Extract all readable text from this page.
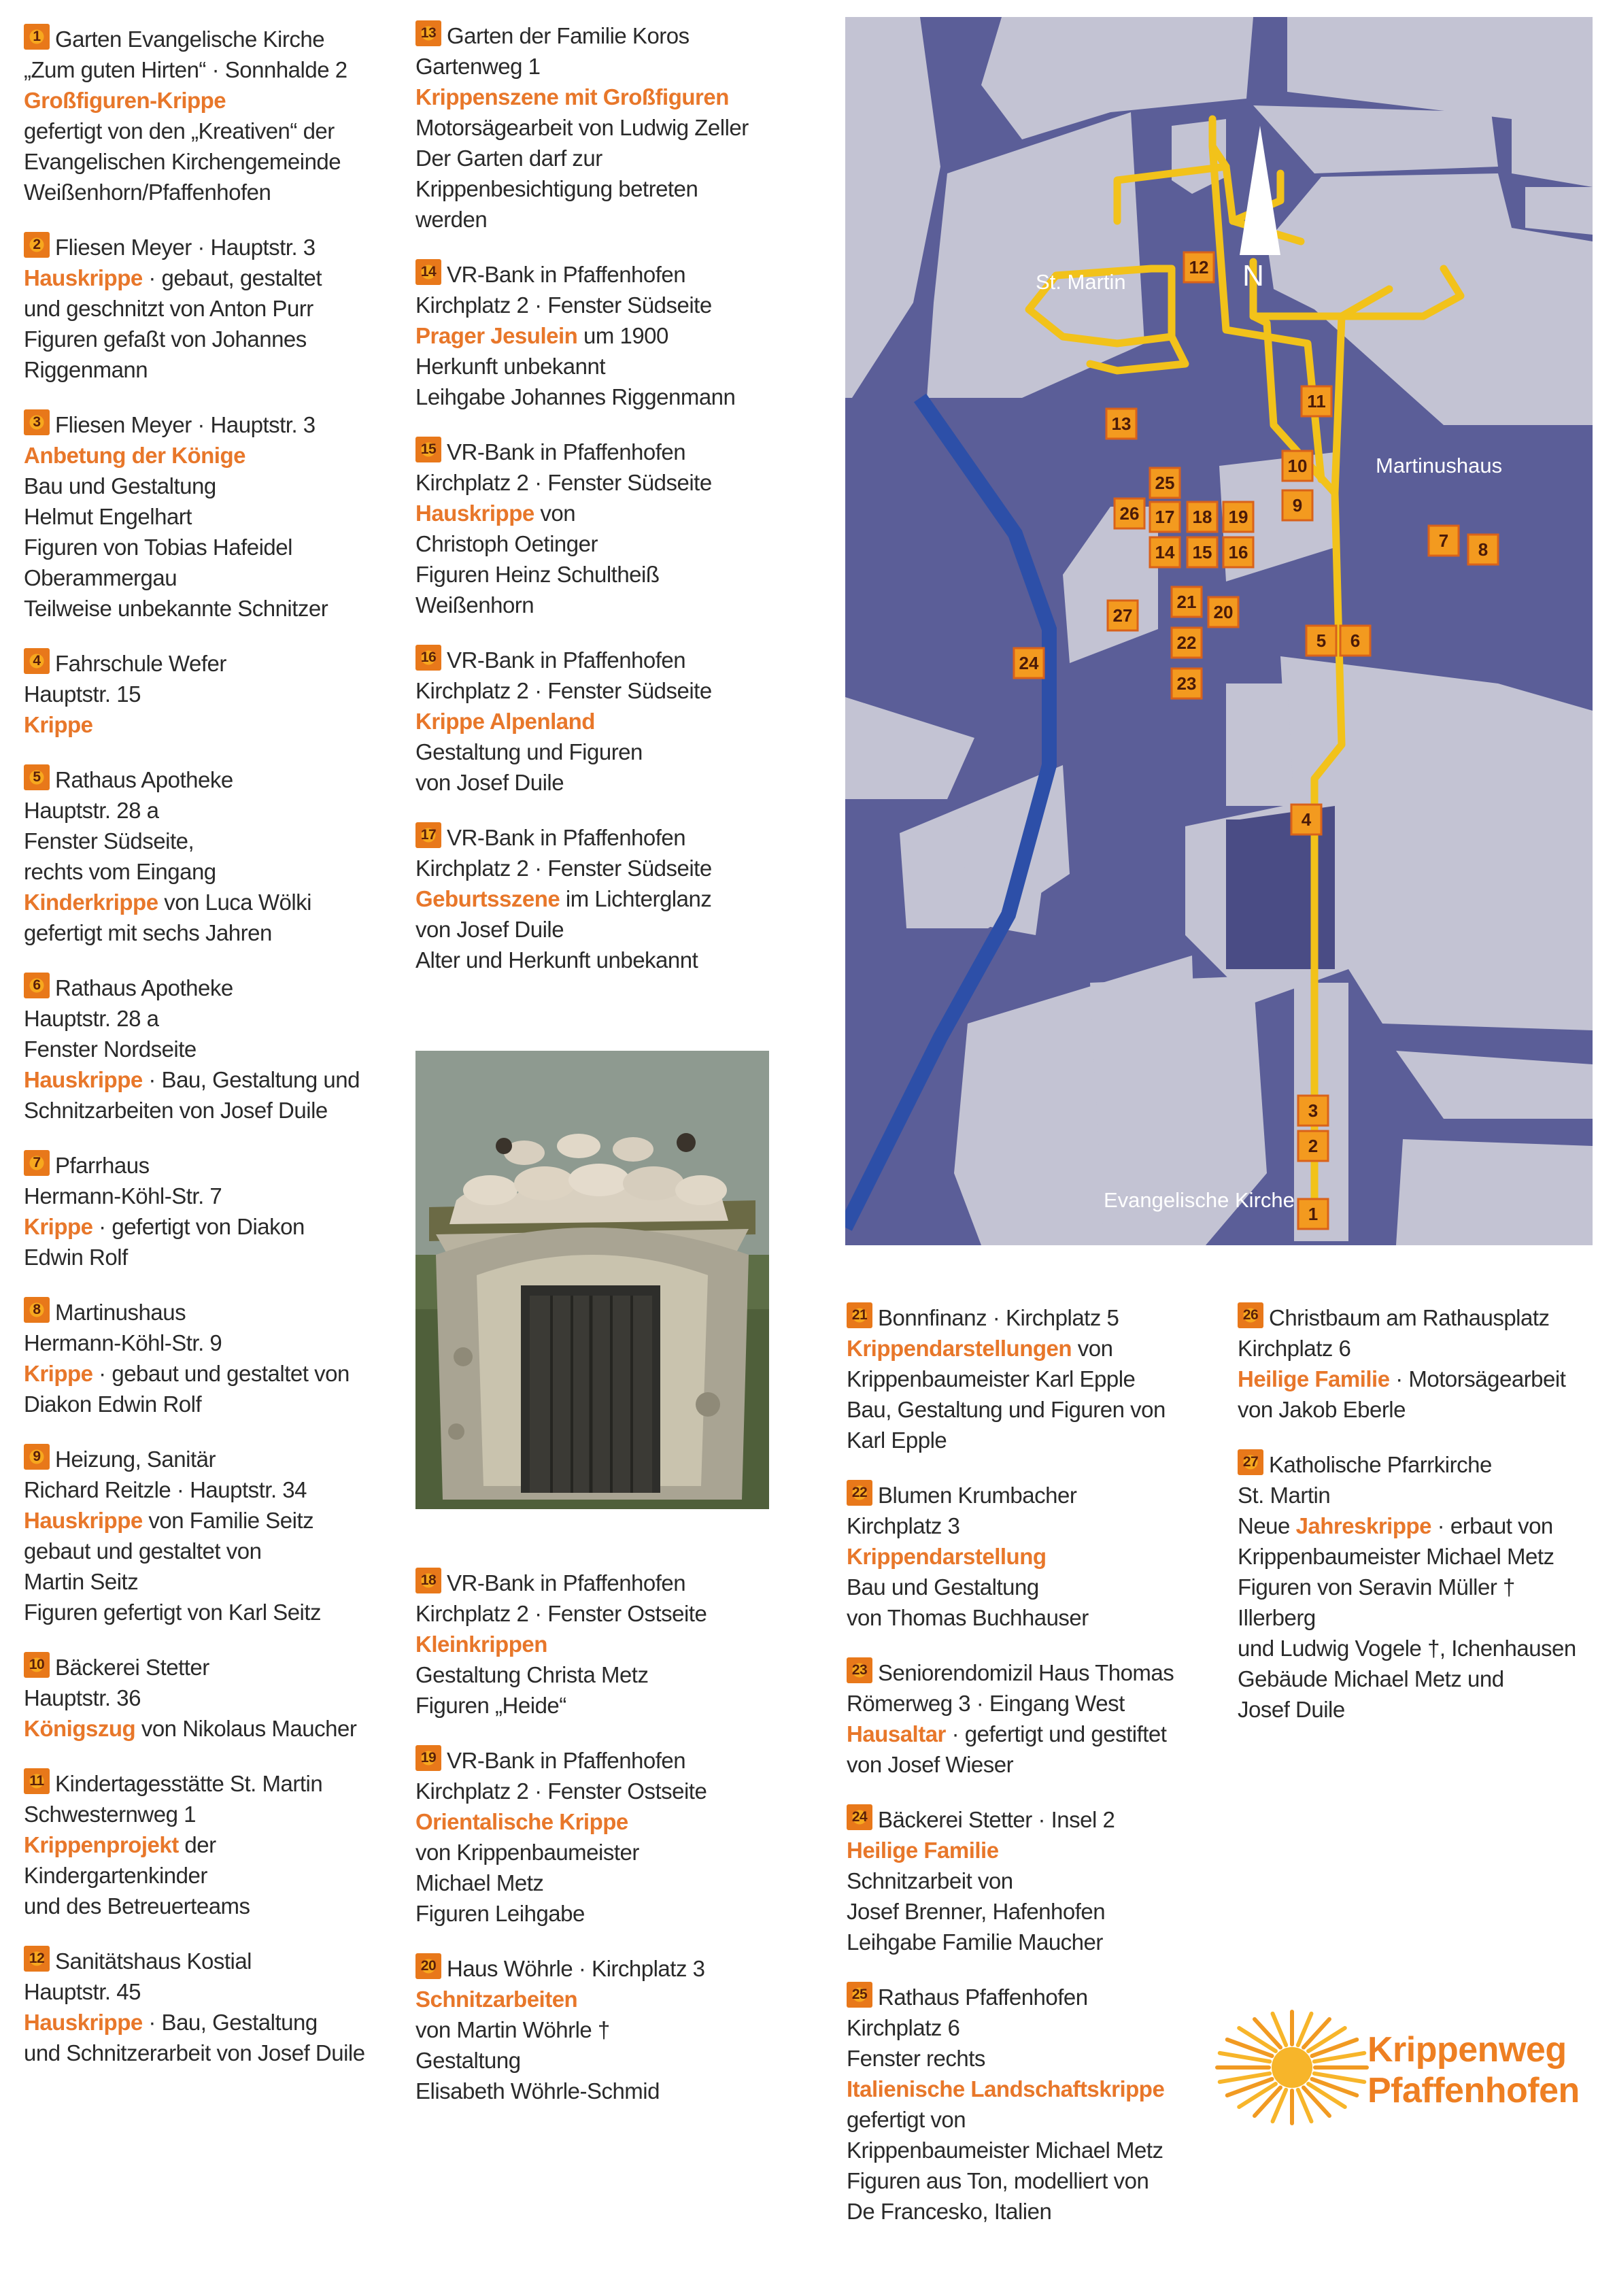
1 Garten Evangelische Kirche
„Zum guten Hirten“ · Sonnhalde 2
Großfiguren-Krippe
gefertigt von den „Kreativen“ der
Evangelischen Kirchengemeinde
Weißenhorn/Pfaffenhofen
2 Fliesen Meyer · Hauptstr. 3
Hauskrippe · gebaut, gestaltet
und geschnitzt von Anton Purr
Figuren gefaßt von Johannes
Riggenmann
3 Fliesen Meyer · Hauptstr. 3
Anbetung der Könige
Bau und Gestaltung
Helmut Engelhart
Figuren von Tobias Hafeidel
Oberammergau
Teilweise unbekannte Schnitzer
4 Fahrschule Wefer
Hauptstr. 15
Krippe
5 Rathaus Apotheke
Hauptstr. 28 a
Fenster Südseite,
rechts vom Eingang
Kinderkrippe von Luca Wölki
gefertigt mit sechs Jahren
6 Rathaus Apotheke
Hauptstr. 28 a
Fenster Nordseite
Hauskrippe · Bau, Gestaltung und
Schnitzarbeiten von Josef Duile
7 Pfarrhaus
Hermann-Köhl-Str. 7
Krippe · gefertigt von Diakon
Edwin Rolf
8 Martinushaus
Hermann-Köhl-Str. 9
Krippe · gebaut und gestaltet von
Diakon Edwin Rolf
9 Heizung, Sanitär
Richard Reitzle · Hauptstr. 34
Hauskrippe von Familie Seitz
gebaut und gestaltet von
Martin Seitz
Figuren gefertigt von Karl Seitz
10 Bäckerei Stetter
Hauptstr. 36
Königszug von Nikolaus Maucher
11 Kindertagesstätte St. Martin
Schwesternweg 1
Krippenprojekt der
Kindergartenkinder
und des Betreuerteams
12 Sanitätshaus Kostial
Hauptstr. 45
Hauskrippe · Bau, Gestaltung
und Schnitzerarbeit von Josef Duile
13 Garten der Familie Koros
Gartenweg 1
Krippenszene mit Großfiguren
Motorsägearbeit von Ludwig Zeller
Der Garten darf zur
Krippenbesichtigung betreten
werden
14 VR-Bank in Pfaffenhofen
Kirchplatz 2 · Fenster Südseite
Prager Jesulein um 1900
Herkunft unbekannt
Leihgabe Johannes Riggenmann
15 VR-Bank in Pfaffenhofen
Kirchplatz 2 · Fenster Südseite
Hauskrippe von
Christoph Oetinger
Figuren Heinz Schultheiß
Weißenhorn
16 VR-Bank in Pfaffenhofen
Kirchplatz 2 · Fenster Südseite
Krippe Alpenland
Gestaltung und Figuren
von Josef Duile
17 VR-Bank in Pfaffenhofen
Kirchplatz 2 · Fenster Südseite
Geburtsszene im Lichterglanz
von Josef Duile
Alter und Herkunft unbekannt
18 VR-Bank in Pfaffenhofen
Kirchplatz 2 · Fenster Ostseite
Kleinkrippen
Gestaltung Christa Metz
Figuren „Heide“
19 VR-Bank in Pfaffenhofen
Kirchplatz 2 · Fenster Ostseite
Orientalische Krippe
von Krippenbaumeister
Michael Metz
Figuren Leihgabe
20 Haus Wöhrle · Kirchplatz 3
Schnitzarbeiten
von Martin Wöhrle †
Gestaltung
Elisabeth Wöhrle-Schmid
21 Bonnfinanz · Kirchplatz 5
Krippendarstellungen von
Krippenbaumeister Karl Epple
Bau, Gestaltung und Figuren von
Karl Epple
22 Blumen Krumbacher
Kirchplatz 3
Krippendarstellung
Bau und Gestaltung
von Thomas Buchhauser
23 Seniorendomizil Haus Thomas
Römerweg 3 · Eingang West
Hausaltar · gefertigt und gestiftet
von Josef Wieser
24 Bäckerei Stetter · Insel 2
Heilige Familie
Schnitzarbeit von
Josef Brenner, Hafenhofen
Leihgabe Familie Maucher
25 Rathaus Pfaffenhofen
Kirchplatz 6
Fenster rechts
Italienische Landschaftskrippe
gefertigt von
Krippenbaumeister Michael Metz
Figuren aus Ton, modelliert von
De Francesko, Italien
26 Christbaum am Rathausplatz
Kirchplatz 6
Heilige Familie · Motorsägearbeit
von Jakob Eberle
27 Katholische Pfarrkirche
St. Martin
Neue Jahreskrippe · erbaut von
Krippenbaumeister Michael Metz
Figuren von Seravin Müller †
Illerberg
und Ludwig Vogele †, Ichenhausen
Gebäude Michael Metz und
Josef Duile
N
St. Martin
Martinushaus
Evangelische Kirche
1
2
3
4
5 6
7 8
9
10
11
12
13
14 15 16
17 18 19
20
21
22
23
24
25
26
27
Krippenweg
Pfaffenhofen
